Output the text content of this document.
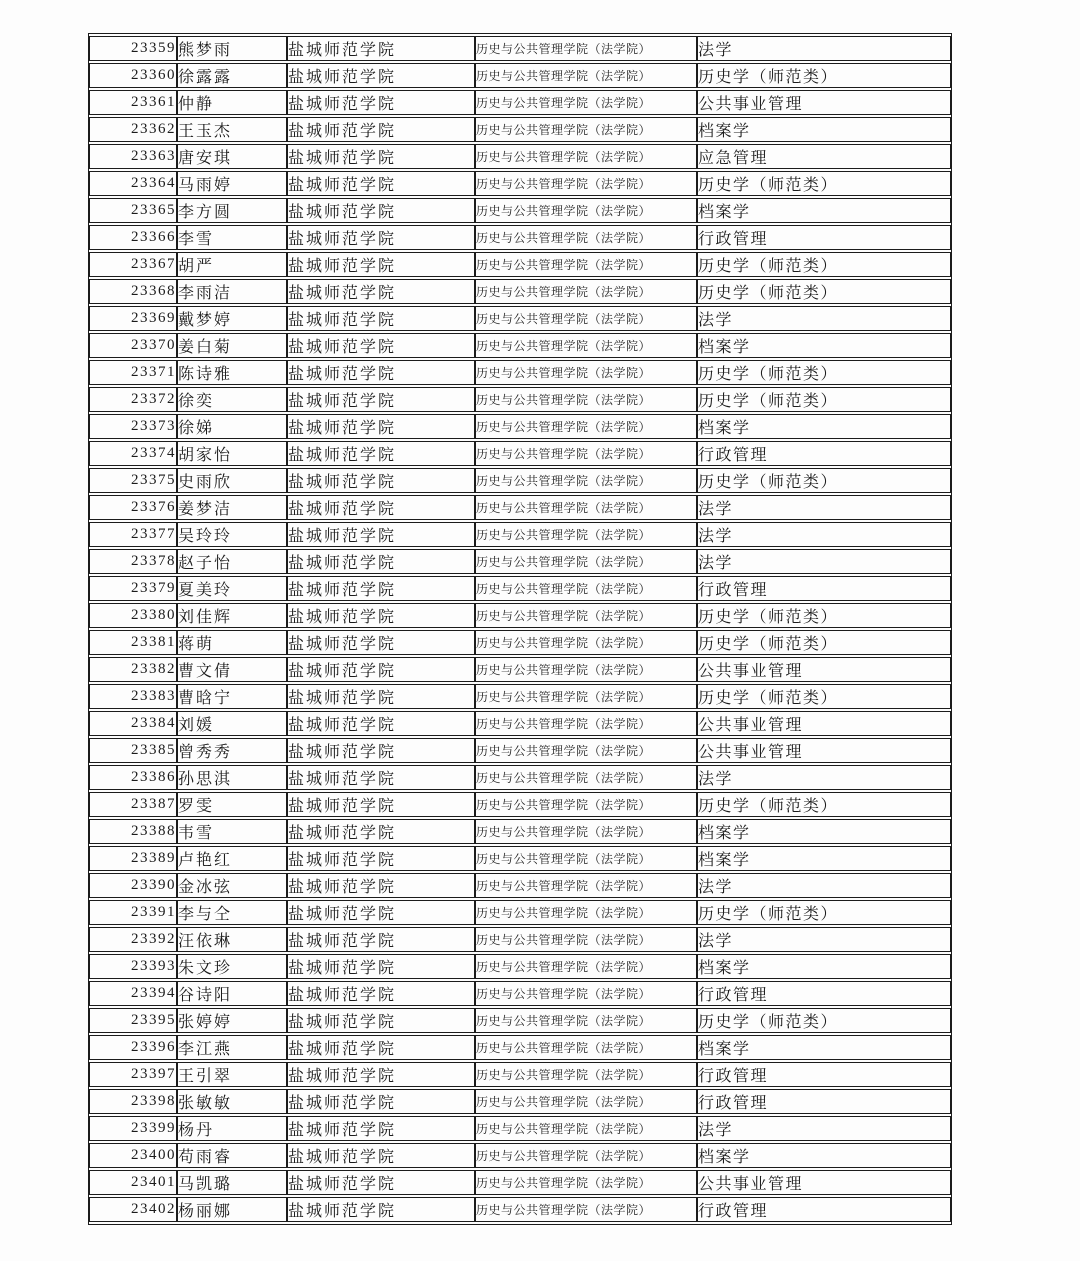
23359	熊梦雨	盐城师范学院	历史与公共管理学院（法学院）	法学
23360	徐露露	盐城师范学院	历史与公共管理学院（法学院）	历史学（师范类）
23361	仲静	盐城师范学院	历史与公共管理学院（法学院）	公共事业管理
23362	王玉杰	盐城师范学院	历史与公共管理学院（法学院）	档案学
23363	唐安琪	盐城师范学院	历史与公共管理学院（法学院）	应急管理
23364	马雨婷	盐城师范学院	历史与公共管理学院（法学院）	历史学（师范类）
23365	李方圆	盐城师范学院	历史与公共管理学院（法学院）	档案学
23366	李雪	盐城师范学院	历史与公共管理学院（法学院）	行政管理
23367	胡严	盐城师范学院	历史与公共管理学院（法学院）	历史学（师范类）
23368	李雨洁	盐城师范学院	历史与公共管理学院（法学院）	历史学（师范类）
23369	戴梦婷	盐城师范学院	历史与公共管理学院（法学院）	法学
23370	姜白菊	盐城师范学院	历史与公共管理学院（法学院）	档案学
23371	陈诗雅	盐城师范学院	历史与公共管理学院（法学院）	历史学（师范类）
23372	徐奕	盐城师范学院	历史与公共管理学院（法学院）	历史学（师范类）
23373	徐娣	盐城师范学院	历史与公共管理学院（法学院）	档案学
23374	胡家怡	盐城师范学院	历史与公共管理学院（法学院）	行政管理
23375	史雨欣	盐城师范学院	历史与公共管理学院（法学院）	历史学（师范类）
23376	姜梦洁	盐城师范学院	历史与公共管理学院（法学院）	法学
23377	吴玲玲	盐城师范学院	历史与公共管理学院（法学院）	法学
23378	赵子怡	盐城师范学院	历史与公共管理学院（法学院）	法学
23379	夏美玲	盐城师范学院	历史与公共管理学院（法学院）	行政管理
23380	刘佳辉	盐城师范学院	历史与公共管理学院（法学院）	历史学（师范类）
23381	蒋萌	盐城师范学院	历史与公共管理学院（法学院）	历史学（师范类）
23382	曹文倩	盐城师范学院	历史与公共管理学院（法学院）	公共事业管理
23383	曹晗宁	盐城师范学院	历史与公共管理学院（法学院）	历史学（师范类）
23384	刘媛	盐城师范学院	历史与公共管理学院（法学院）	公共事业管理
23385	曾秀秀	盐城师范学院	历史与公共管理学院（法学院）	公共事业管理
23386	孙思淇	盐城师范学院	历史与公共管理学院（法学院）	法学
23387	罗雯	盐城师范学院	历史与公共管理学院（法学院）	历史学（师范类）
23388	韦雪	盐城师范学院	历史与公共管理学院（法学院）	档案学
23389	卢艳红	盐城师范学院	历史与公共管理学院（法学院）	档案学
23390	金冰弦	盐城师范学院	历史与公共管理学院（法学院）	法学
23391	李与仝	盐城师范学院	历史与公共管理学院（法学院）	历史学（师范类）
23392	汪依琳	盐城师范学院	历史与公共管理学院（法学院）	法学
23393	朱文珍	盐城师范学院	历史与公共管理学院（法学院）	档案学
23394	谷诗阳	盐城师范学院	历史与公共管理学院（法学院）	行政管理
23395	张婷婷	盐城师范学院	历史与公共管理学院（法学院）	历史学（师范类）
23396	李江燕	盐城师范学院	历史与公共管理学院（法学院）	档案学
23397	王引翠	盐城师范学院	历史与公共管理学院（法学院）	行政管理
23398	张敏敏	盐城师范学院	历史与公共管理学院（法学院）	行政管理
23399	杨丹	盐城师范学院	历史与公共管理学院（法学院）	法学
23400	苟雨睿	盐城师范学院	历史与公共管理学院（法学院）	档案学
23401	马凯璐	盐城师范学院	历史与公共管理学院（法学院）	公共事业管理
23402	杨丽娜	盐城师范学院	历史与公共管理学院（法学院）	行政管理
